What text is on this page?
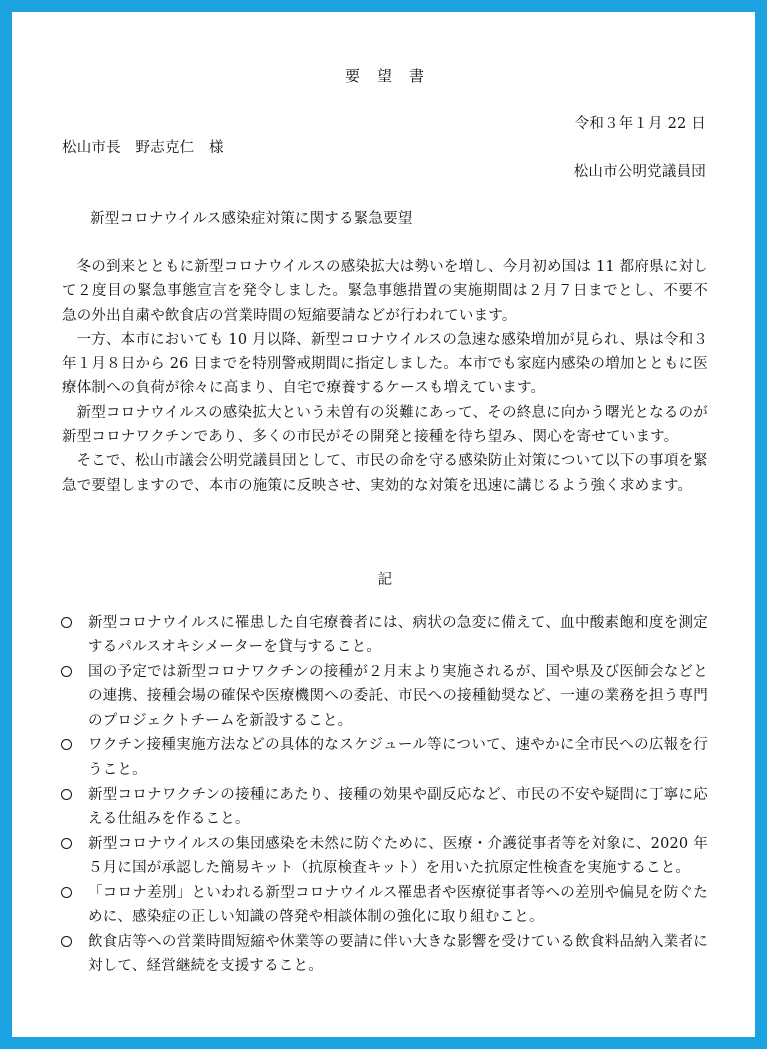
要　望　書
令和３年１月 22 日
松山市長　野志克仁　様
松山市公明党議員団
新型コロナウイルス感染症対策に関する緊急要望

冬の到来とともに新型コロナウイルスの感染拡大は勢いを増し、今月初め国は 11 都府県に対して２度目の緊急事態宣言を発令しました。緊急事態措置の実施期間は２月７日までとし、不要不急の外出自粛や飲食店の営業時間の短縮要請などが行われています。

一方、本市においても 10 月以降、新型コロナウイルスの急速な感染増加が見られ、県は令和３年１月８日から 26 日までを特別警戒期間に指定しました。本市でも家庭内感染の増加とともに医療体制への負荷が徐々に高まり、自宅で療養するケースも増えています。

新型コロナウイルスの感染拡大という未曽有の災難にあって、その終息に向かう曙光となるのが新型コロナワクチンであり、多くの市民がその開発と接種を待ち望み、関心を寄せています。

そこで、松山市議会公明党議員団として、市民の命を守る感染防止対策について以下の事項を緊急で要望しますので、本市の施策に反映させ、実効的な対策を迅速に講じるよう強く求めます。

記
新型コロナウイルスに罹患した自宅療養者には、病状の急変に備えて、血中酸素飽和度を測定するパルスオキシメーターを貸与すること。
国の予定では新型コロナワクチンの接種が２月末より実施されるが、国や県及び医師会などとの連携、接種会場の確保や医療機関への委託、市民への接種勧奨など、一連の業務を担う専門のプロジェクトチームを新設すること。
ワクチン接種実施方法などの具体的なスケジュール等について、速やかに全市民への広報を行うこと。
新型コロナワクチンの接種にあたり、接種の効果や副反応など、市民の不安や疑問に丁寧に応える仕組みを作ること。
新型コロナウイルスの集団感染を未然に防ぐために、医療・介護従事者等を対象に、2020 年５月に国が承認した簡易キット（抗原検査キット）を用いた抗原定性検査を実施すること。
「コロナ差別」といわれる新型コロナウイルス罹患者や医療従事者等への差別や偏見を防ぐために、感染症の正しい知識の啓発や相談体制の強化に取り組むこと。
飲食店等への営業時間短縮や休業等の要請に伴い大きな影響を受けている飲食料品納入業者に対して、経営継続を支援すること。
